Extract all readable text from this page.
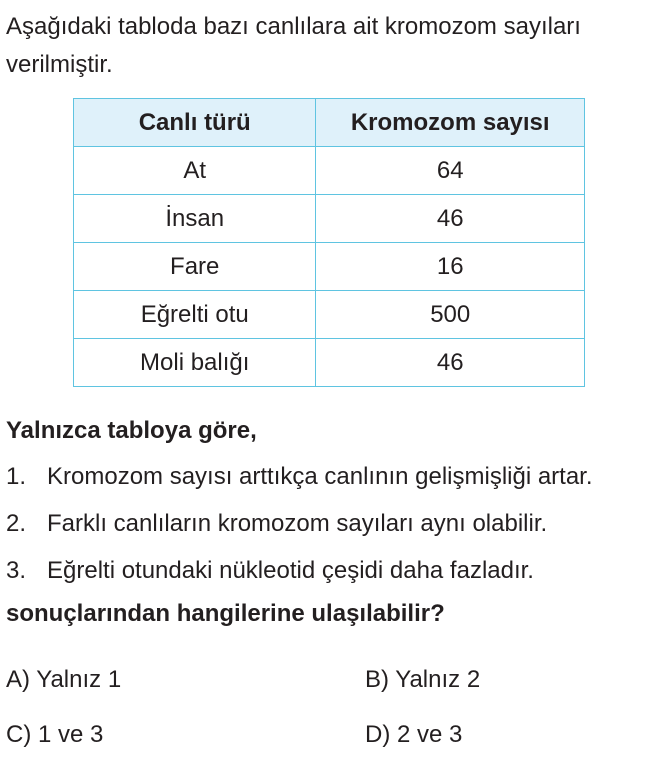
Aşağıdaki tabloda bazı canlılara ait kromozom sayıları verilmiştir.

Canlı türü	Kromozom sayısı
At	64
İnsan	46
Fare	16
Eğrelti otu	500
Moli balığı	46

Yalnızca tabloya göre,

1. Kromozom sayısı arttıkça canlının gelişmişliği artar.
2. Farklı canlıların kromozom sayıları aynı olabilir.
3. Eğrelti otundaki nükleotid çeşidi daha fazladır.

sonuçlarından hangilerine ulaşılabilir?

A) Yalnız 1	B) Yalnız 2
C) 1 ve 3	D) 2 ve 3
